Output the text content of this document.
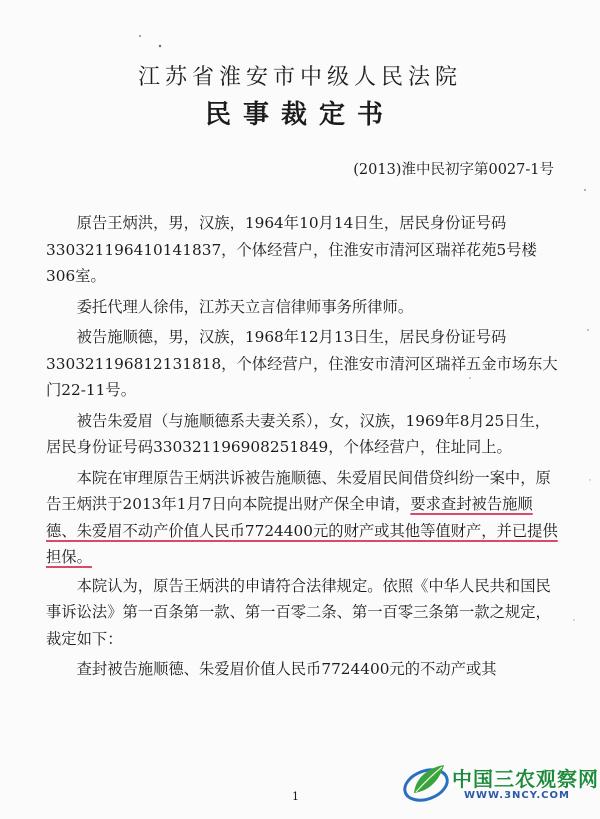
江苏省淮安市中级人民法院
民事裁定书
(2013)淮中民初字第0027-1号

原告王炳洪，男，汉族，1964年10月14日生，居民身份证号码330321196410141837，个体经营户，住淮安市清河区瑞祥花苑5号楼306室。

委托代理人徐伟，江苏天立言信律师事务所律师。

被告施顺德，男，汉族，1968年12月13日生，居民身份证号码330321196812131818，个体经营户，住淮安市清河区瑞祥五金市场东大门22-11号。

被告朱爱眉（与施顺德系夫妻关系），女，汉族，1969年8月25日生，居民身份证号码330321196908251849，个体经营户，住址同上。

本院在审理原告王炳洪诉被告施顺德、朱爱眉民间借贷纠纷一案中，原告王炳洪于2013年1月7日向本院提出财产保全申请，要求查封被告施顺德、朱爱眉不动产价值人民币7724400元的财产或其他等值财产，并已提供担保。

本院认为，原告王炳洪的申请符合法律规定。依照《中华人民共和国民事诉讼法》第一百条第一款、第一百零二条、第一百零三条第一款之规定，裁定如下：

查封被告施顺德、朱爱眉价值人民币7724400元的不动产或其

1
中国三农观察网
WWW.3NCY.COM
